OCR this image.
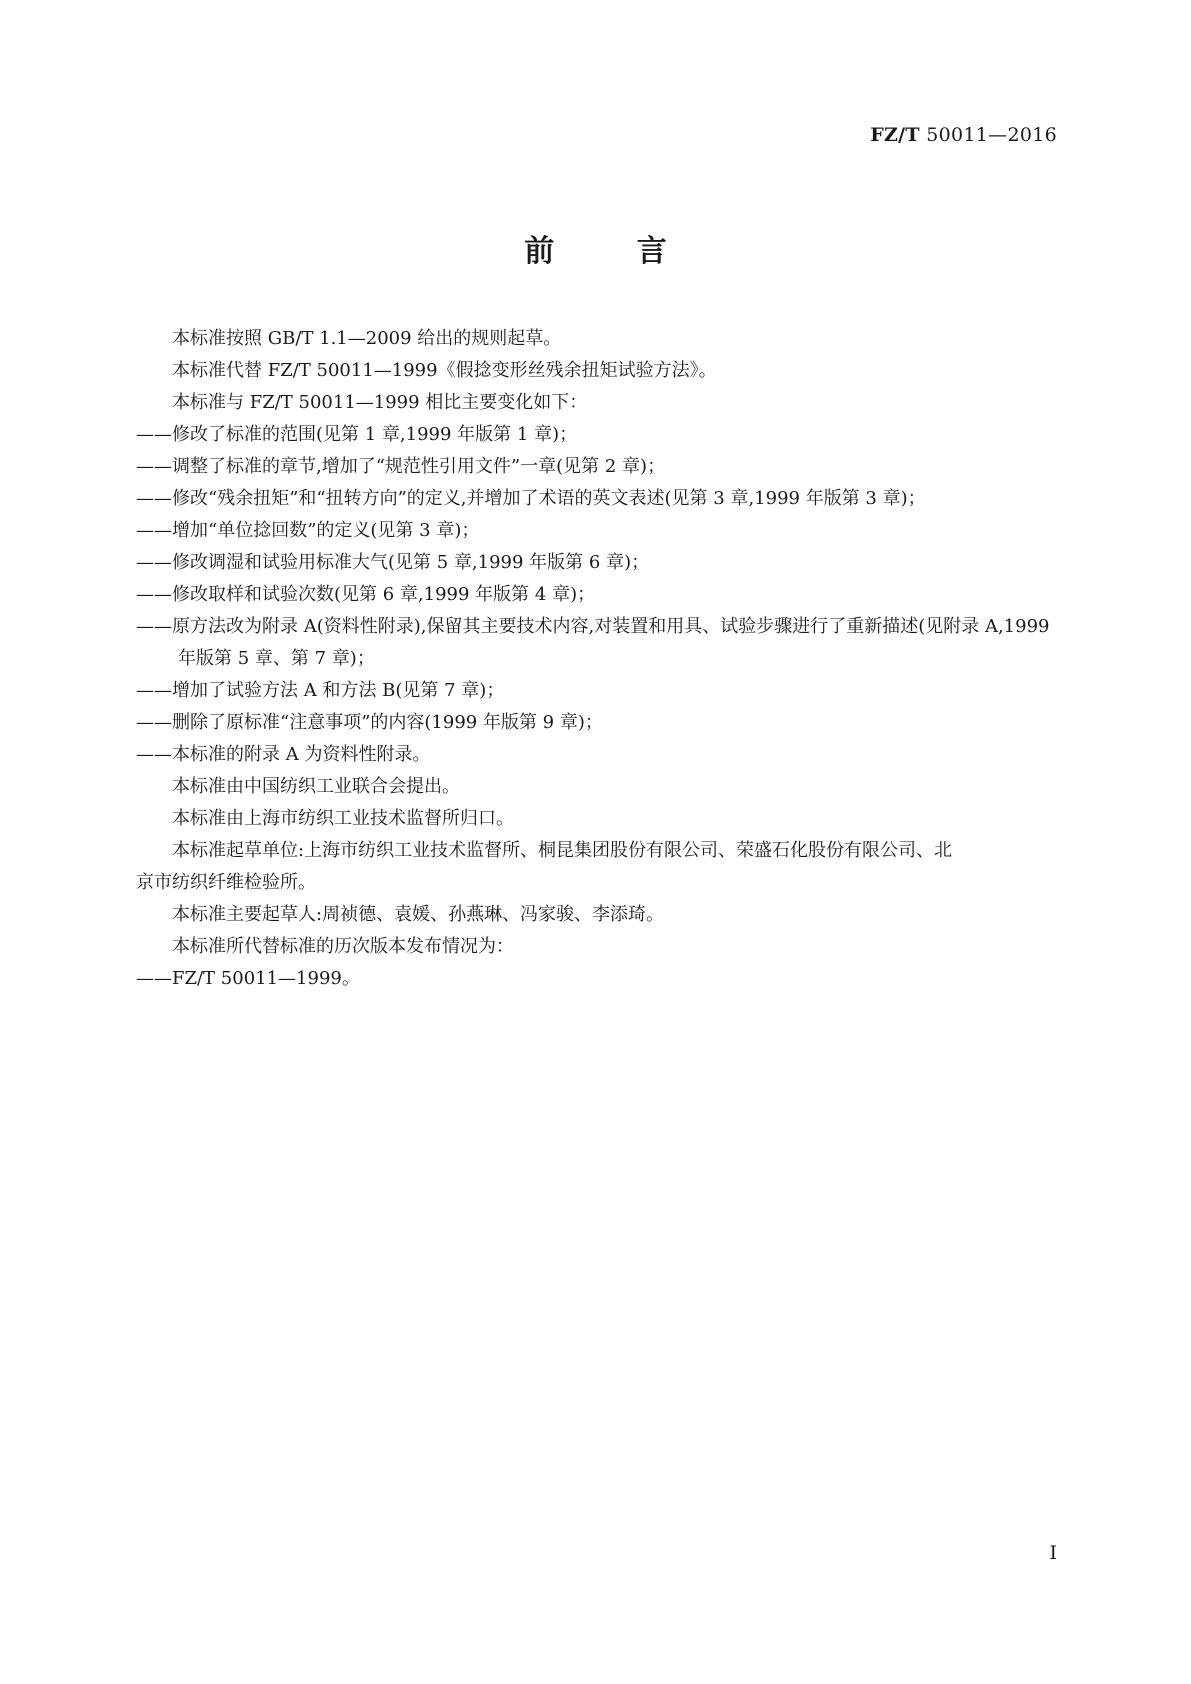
FZ/T 50011—2016
前 言
本标准按照 GB/T 1.1—2009 给出的规则起草。
本标准代替 FZ/T 50011—1999《假捻变形丝残余扭矩试验方法》。
本标准与 FZ/T 50011—1999 相比主要变化如下：
——修改了标准的范围(见第 1 章,1999 年版第 1 章)；
——调整了标准的章节,增加了“规范性引用文件”一章(见第 2 章)；
——修改“残余扭矩”和“扭转方向”的定义,并增加了术语的英文表述(见第 3 章,1999 年版第 3 章)；
——增加“单位捻回数”的定义(见第 3 章)；
——修改调湿和试验用标准大气(见第 5 章,1999 年版第 6 章)；
——修改取样和试验次数(见第 6 章,1999 年版第 4 章)；
——原方法改为附录 A(资料性附录),保留其主要技术内容,对装置和用具、试验步骤进行了重新描述(见附录 A,1999 年版第 5 章、第 7 章)；
——增加了试验方法 A 和方法 B(见第 7 章)；
——删除了原标准“注意事项”的内容(1999 年版第 9 章)；
——本标准的附录 A 为资料性附录。
本标准由中国纺织工业联合会提出。
本标准由上海市纺织工业技术监督所归口。
本标准起草单位:上海市纺织工业技术监督所、桐昆集团股份有限公司、荣盛石化股份有限公司、北
京市纺织纤维检验所。
本标准主要起草人:周祯德、袁媛、孙燕琳、冯家骏、李添琦。
本标准所代替标准的历次版本发布情况为：
——FZ/T 50011—1999。
I
